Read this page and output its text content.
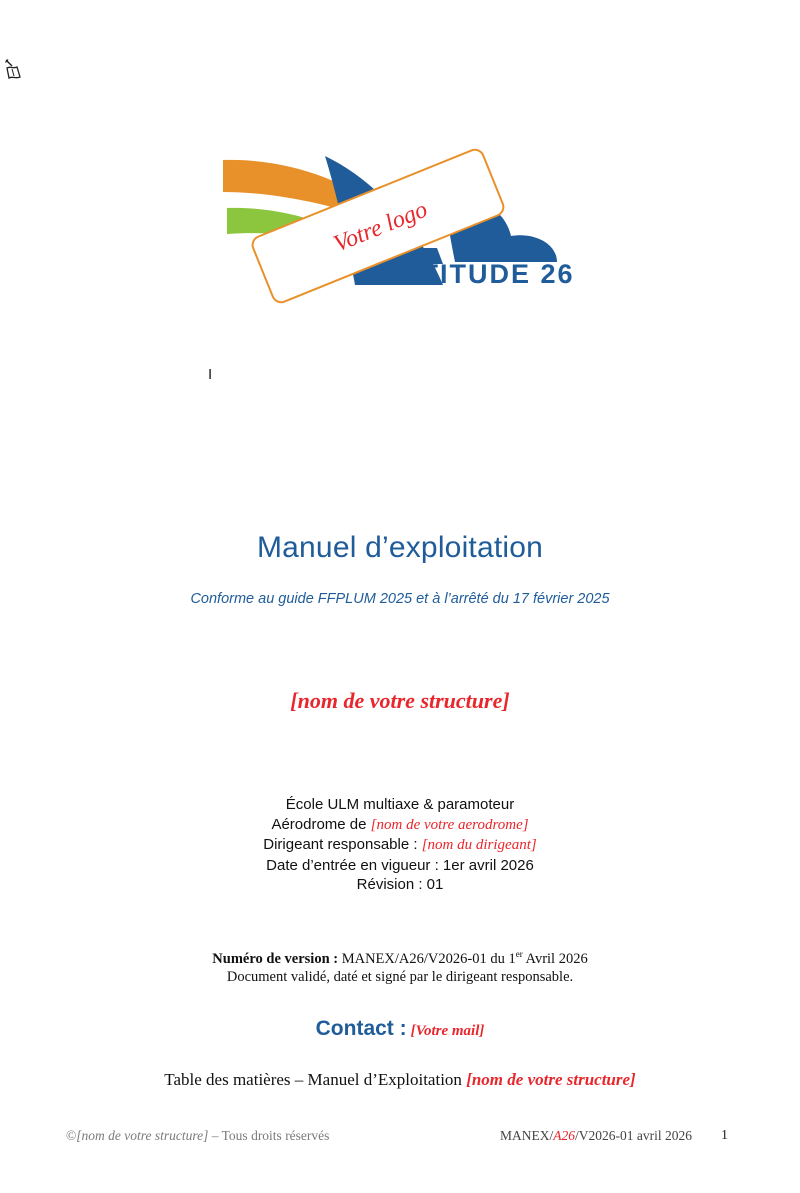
LTITUDE 26
Votre logo
I
Manuel d’exploitation
Conforme au guide FFPLUM 2025 et à l’arrêté du 17 février 2025
[nom de votre structure]
École ULM multiaxe & paramoteur
Aérodrome de [nom de votre aerodrome]
Dirigeant responsable : [nom du dirigeant]
Date d’entrée en vigueur : 1er avril 2026
Révision : 01
Numéro de version : MANEX/A26/V2026-01 du 1er Avril 2026
Document validé, daté et signé par le dirigeant responsable.
Contact : [Votre mail]
Table des matières – Manuel d’Exploitation [nom de votre structure]
©[nom de votre structure] – Tous droits réservés	MANEX/A26/V2026-01 avril 2026 1
